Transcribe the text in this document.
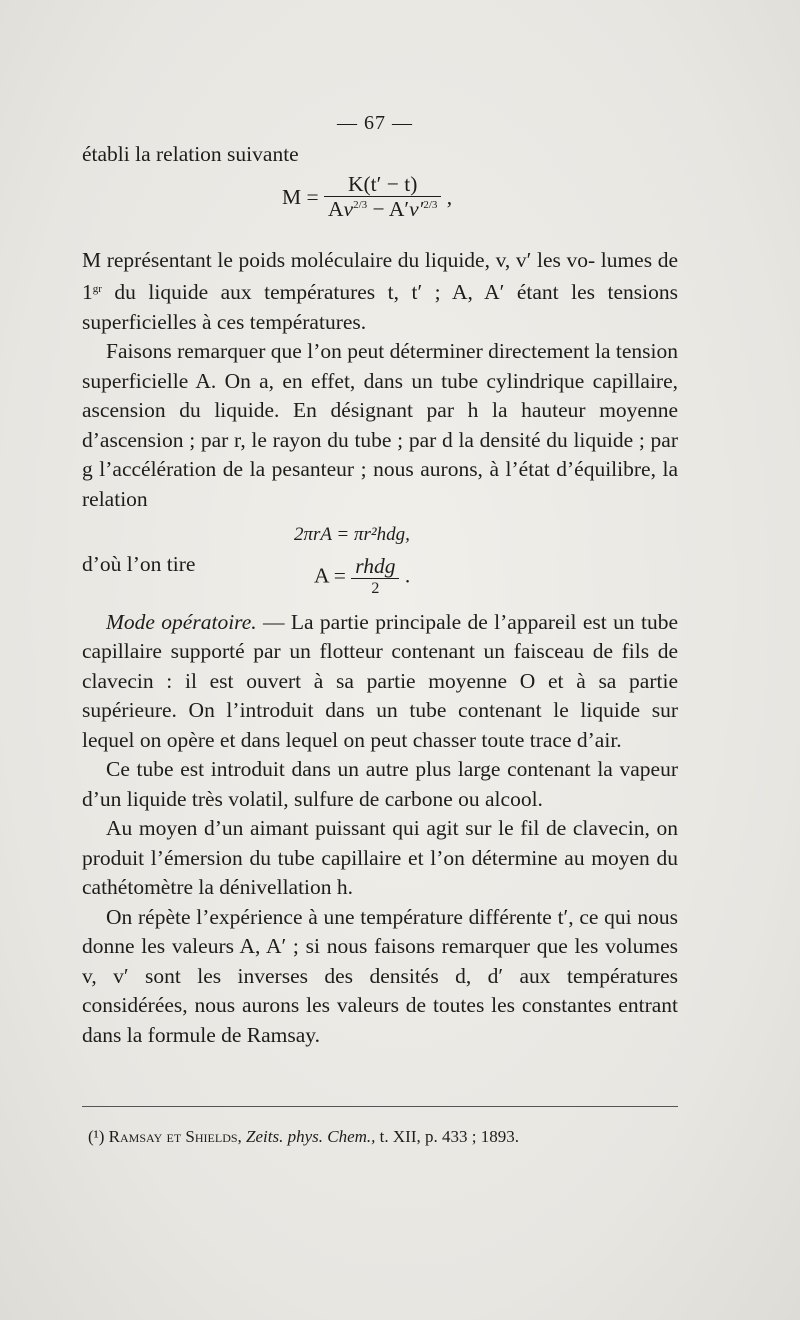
— 67 —

établi la relation suivante

$M = \frac{K(t' - t)}{Av^{2/3} - A'v'^{2/3}}$ ,

M représentant le poids moléculaire du liquide, v, v′ les vo- lumes de $1^{gr}$ du liquide aux températures t, t′ ; A, A′ étant les tensions superficielles à ces températures.

Faisons remarquer que l’on peut déterminer directement la tension superficielle A. On a, en effet, dans un tube cylindrique capillaire, ascension du liquide. En désignant par h la hauteur moyenne d’ascension ; par r, le rayon du tube ; par d la densité du liquide ; par g l’accélération de la pesanteur ; nous aurons, à l’état d’équilibre, la relation

2πrA = πr²hdg,
d’où l’on tire	$A = \frac{\text{rhdg}}{2}$ .

Mode opératoire. — La partie principale de l’appareil est un tube capillaire supporté par un flotteur contenant un faisceau de fils de clavecin : il est ouvert à sa partie moyenne O et à sa partie supérieure. On l’introduit dans un tube contenant le liquide sur lequel on opère et dans lequel on peut chasser toute trace d’air.

Ce tube est introduit dans un autre plus large contenant la vapeur d’un liquide très volatil, sulfure de carbone ou alcool.

Au moyen d’un aimant puissant qui agit sur le fil de clavecin, on produit l’émersion du tube capillaire et l’on détermine au moyen du cathétomètre la dénivellation h.

On répète l’expérience à une température différente t′, ce qui nous donne les valeurs A, A′ ; si nous faisons remarquer que les volumes v, v′ sont les inverses des densités d, d′ aux températures considérées, nous aurons les valeurs de toutes les constantes entrant dans la formule de Ramsay.

(¹) Ramsay et Shields, Zeits. phys. Chem., t. XII, p. 433 ; 1893.
